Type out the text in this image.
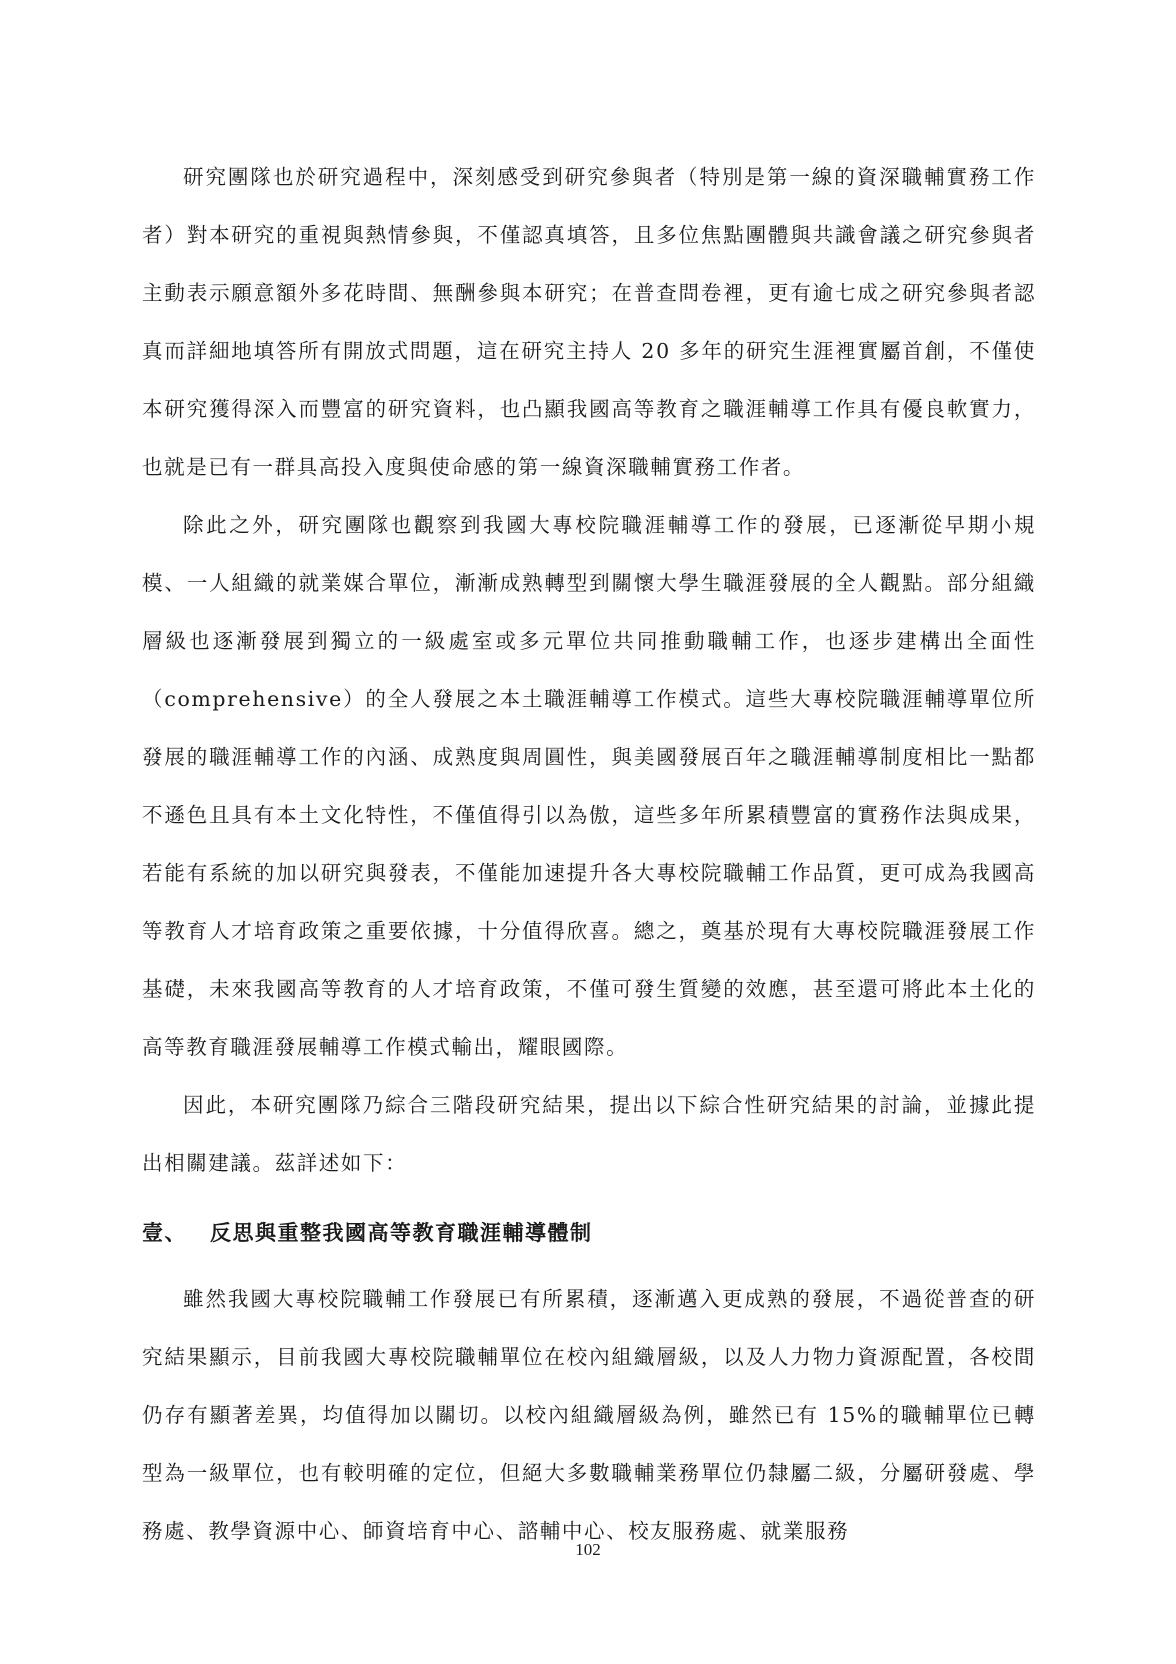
研究團隊也於研究過程中，深刻感受到研究參與者（特別是第一線的資深職輔實務工作者）對本研究的重視與熱情參與，不僅認真填答，且多位焦點團體與共識會議之研究參與者主動表示願意額外多花時間、無酬參與本研究；在普查問卷裡，更有逾七成之研究參與者認真而詳細地填答所有開放式問題，這在研究主持人 20 多年的研究生涯裡實屬首創，不僅使本研究獲得深入而豐富的研究資料，也凸顯我國高等教育之職涯輔導工作具有優良軟實力，也就是已有一群具高投入度與使命感的第一線資深職輔實務工作者。

除此之外，研究團隊也觀察到我國大專校院職涯輔導工作的發展，已逐漸從早期小規模、一人組織的就業媒合單位，漸漸成熟轉型到關懷大學生職涯發展的全人觀點。部分組織層級也逐漸發展到獨立的一級處室或多元單位共同推動職輔工作，也逐步建構出全面性（comprehensive）的全人發展之本土職涯輔導工作模式。這些大專校院職涯輔導單位所發展的職涯輔導工作的內涵、成熟度與周圓性，與美國發展百年之職涯輔導制度相比一點都不遜色且具有本土文化特性，不僅值得引以為傲，這些多年所累積豐富的實務作法與成果，若能有系統的加以研究與發表，不僅能加速提升各大專校院職輔工作品質，更可成為我國高等教育人才培育政策之重要依據，十分值得欣喜。總之，奠基於現有大專校院職涯發展工作基礎，未來我國高等教育的人才培育政策，不僅可發生質變的效應，甚至還可將此本土化的高等教育職涯發展輔導工作模式輸出，耀眼國際。

因此，本研究團隊乃綜合三階段研究結果，提出以下綜合性研究結果的討論，並據此提出相關建議。茲詳述如下：

壹、	反思與重整我國高等教育職涯輔導體制

雖然我國大專校院職輔工作發展已有所累積，逐漸邁入更成熟的發展，不過從普查的研究結果顯示，目前我國大專校院職輔單位在校內組織層級，以及人力物力資源配置，各校間仍存有顯著差異，均值得加以關切。以校內組織層級為例，雖然已有 15%的職輔單位已轉型為一級單位，也有較明確的定位，但絕大多數職輔業務單位仍隸屬二級，分屬研發處、學務處、教學資源中心、師資培育中心、諮輔中心、校友服務處、就業服務

102
